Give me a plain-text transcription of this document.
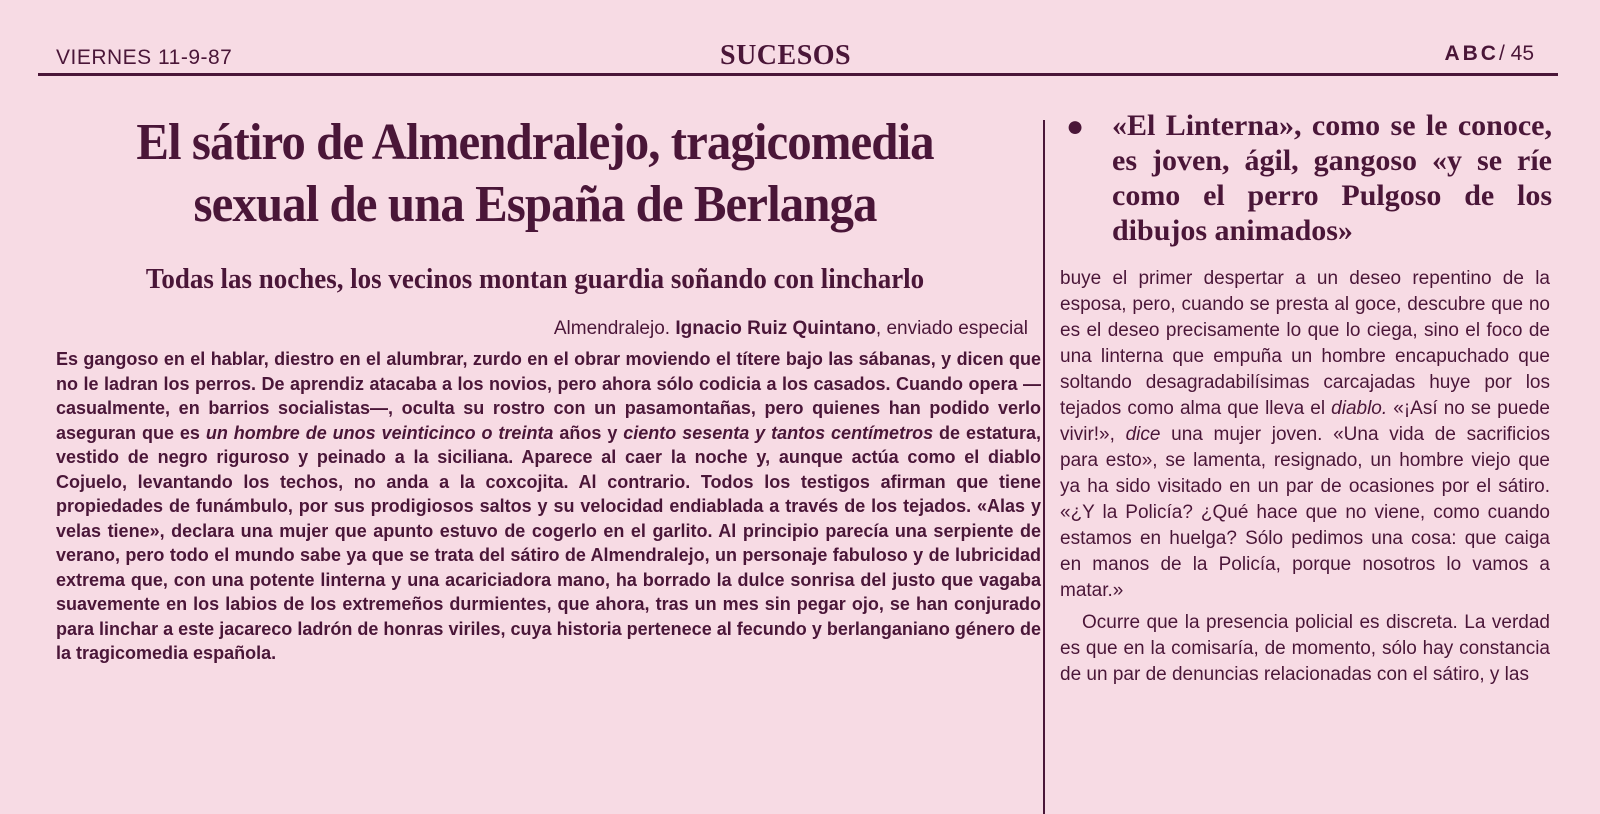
VIERNES 11-9-87	SUCESOS	ABC/ 45
El sátiro de Almendralejo, tragicomedia sexual de una España de Berlanga
Todas las noches, los vecinos montan guardia soñando con lincharlo
Almendralejo. Ignacio Ruiz Quintano, enviado especial

Es gangoso en el hablar, diestro en el alumbrar, zurdo en el obrar moviendo el títere bajo las sábanas, y dicen que no le ladran los perros. De aprendiz atacaba a los novios, pero ahora sólo codicia a los casados. Cuando opera —casualmente, en barrios socialistas—, oculta su rostro con un pasamontañas, pero quienes han podido verlo aseguran que es un hombre de unos veinticinco o treinta años y ciento sesenta y tantos centímetros de estatura, vestido de negro riguroso y peinado a la siciliana. Aparece al caer la noche y, aunque actúa como el diablo Cojuelo, levantando los techos, no anda a la coxcojita. Al contrario. Todos los testigos afirman que tiene propiedades de funámbulo, por sus prodigiosos saltos y su velocidad endiablada a través de los tejados. «Alas y velas tiene», declara una mujer que apunto estuvo de cogerlo en el garlito. Al principio parecía una serpiente de verano, pero todo el mundo sabe ya que se trata del sátiro de Almendralejo, un personaje fabuloso y de lubricidad extrema que, con una potente linterna y una acariciadora mano, ha borrado la dulce sonrisa del justo que vagaba suavemente en los labios de los extremeños durmientes, que ahora, tras un mes sin pegar ojo, se han conjurado para linchar a este jacareco ladrón de honras viriles, cuya historia pertenece al fecundo y berlanganiano género de la tragicomedia española.

● «El Linterna», como se le conoce, es joven, ágil, gangoso «y se ríe como el perro Pulgoso de los dibujos animados»

buye el primer despertar a un deseo repentino de la esposa, pero, cuando se presta al goce, descubre que no es el deseo precisamente lo que lo ciega, sino el foco de una linterna que empuña un hombre encapuchado que soltando desagradabilísimas carcajadas huye por los tejados como alma que lleva el diablo. «¡Así no se puede vivir!», dice una mujer joven. «Una vida de sacrificios para esto», se lamenta, resignado, un hombre viejo que ya ha sido visitado en un par de ocasiones por el sátiro. «¿Y la Policía? ¿Qué hace que no viene, como cuando estamos en huelga? Sólo pedimos una cosa: que caiga en manos de la Policía, porque nosotros lo vamos a matar.»

Ocurre que la presencia policial es discreta. La verdad es que en la comisaría, de momento, sólo hay constancia de un par de denuncias relacionadas con el sátiro, y las
